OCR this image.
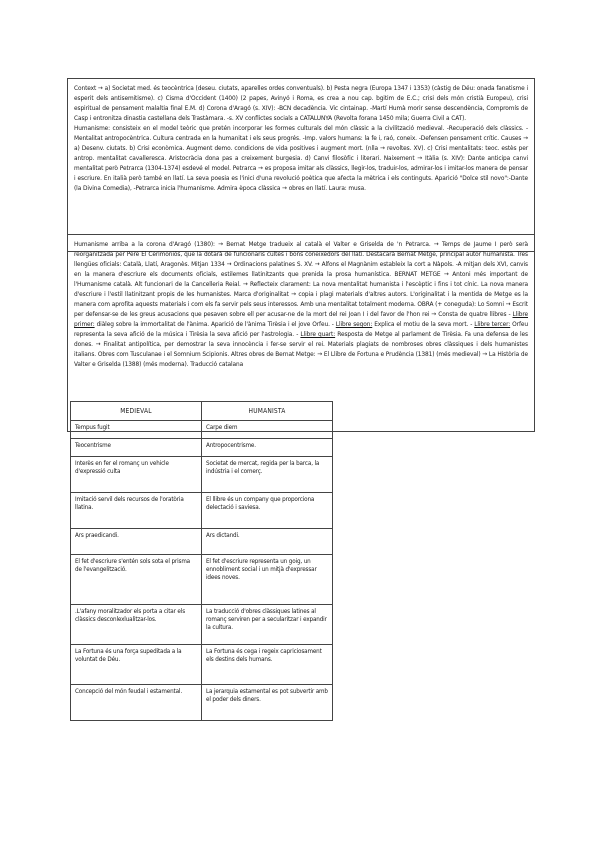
Context → a) Societat med. és teocèntrica (deseu. ciutats, aparelles ordes conventuals). b) Pesta negra (Europa 1347 i 1353) (càstig de Déu: onada fanatisme i esperit dels antisemitisme). c) Cisma d'Occident (1400) (2 papes, Avinyó i Roma, es crea a nou cap. bgitim de E.C.; crisi dels món cristià Europeu), crisi espiritual de pensament malaltia final E.M. d) Corona d'Aragó (s. XIV): -BCN decadència. Vic cintainap. -Martí Humà morir sense descendència, Compromís de Casp i entronitza dinastia castellana dels Trastàmara. -s. XV conflictes socials a CATALUNYA (Revolta forana 1450 mila; Guerra Civil a CAT).

Humanisme: consisteix en el model teòric que pretén incorporar les formes culturals del món clàssic a la civilització medieval. -Recuperació dels clàssics. -Mentalitat antropocèntrica. Cultura centrada en la humanitat i els seus progrés. -Imp. valors humans: la fe i, raó, coneix. -Defensen pensament crític. Causes → a) Desenv. ciutats. b) Crisi econòmica. Augment demo. condicions de vida positives i augment mort. (nlla → revoltes. XV). c) Crisi mentalitats: teoc. estès per antrop. mentalitat cavalleresca. Aristocràcia dona pas a creixement burgesia. d) Canvi filosòfic i literari. Naixement → Itàlia (s. XIV): Dante anticipa canvi mentalitat però Petrarca (1304-1374) esdevé el model. Petrarca → es proposa imitar als clàssics, llegir-los, traduir-los, admirar-los i imitar-los manera de pensar i escriure. En italià però també en llatí. La seva poesia es l'inici d'una revolució poètica que afecta la mètrica i els continguts. Aparició "Dolce stil novo":-Dante (la Divina Comedia), -Petrarca inicia l'humanisme. Admira època clàssica → obres en llatí. Laura: musa.

Humanisme arriba a la corona d'Aragó (1380): → Bernat Metge tradueix al català el Valter e Griselda de 'n Petrarca. → Temps de Jaume I però serà reorganitzada per Pere El Cerimoniós, que la dotarà de funcionaris cultes i bons coneixedors del llatí. Destacarà Bernat Metge, principal autor humanista. Tres llengües oficials: Català, Llatí, Aragonès. Mitjan 1334 → Ordinacions palatines S. XV. → Alfons el Magnànim estableix la cort a Nàpols. -A mitjan dels XVI, canvis en la manera d'escriure els documents oficials, estilemes llatinitzants que prenida la prosa humanística. BERNAT METGE → Antoni més important de l'Humanisme català. Alt funcionari de la Cancelleria Reial. → Reflecteix clarament: La nova mentalitat humanista i l'escèptic i fins i tot cínic. La nova manera d'escriure i l'estil llatinitzant propis de les humanistes. Marca d'originalitat → copia i plagi materials d'altres autors. L'originalitat i la mentida de Metge es la manera com aprofita aquests materials i com els fa servir pels seus interessos. Amb una mentalitat totalment moderna. OBRA (+ coneguda): Lo Somni → Escrit per defensar-se de les greus acusacions que pesaven sobre ell per acusar-ne de la mort del rei Joan I i del favor de l'hon rei → Consta de quatre llibres - Llibre primer: diàleg sobre la immortalitat de l'ànima. Aparició de l'ànima Tirèsia i el jove Orfeu. - Llibre segon: Explica el motiu de la seva mort. - Llibre tercer: Orfeu representa la seva afició de la música i Tirèsia la seva afició per l'astrologia. - Llibre quart: Resposta de Metge al parlament de Tirèsia. Fa una defensa de les dones. → Finalitat antipolítica, per demostrar la seva innocència i fer-se servir el rei. Materials plagiats de nombroses obres clàssiques i dels humanistes italians. Obres com Tusculanae i el Somnium Scipionis. Altres obres de Bernat Metge: → El Llibre de Fortuna e Prudència (1381) (més medieval) → La Història de Valter e Griselda (1388) (més moderna). Traducció catalana

MEDIEVAL	HUMANISTA
Tempus fugit	Carpe diem
Teocentrisme	Antropocentrisme.
Interès en fer el romanç un vehicle d'expressió culta	Societat de mercat, regida per la barca, la indústria i el comerç.
Imitació servil dels recursos de l'oratòria llatina.	El llibre és un company que proporciona delectació i saviesa.
Ars praedicandi.	Ars dictandi.
El fet d'escriure s'entén sols sota el prisma de l'evangelització.	El fet d'escriure representa un goig, un ennobliment social i un mitjà d'expressar idees noves.
.L'afany moralitzador els porta a citar els clàssics desconlexlualitzar-los.	La traducció d'obres clàssiques latines al romanç serviren per a secularitzar i expandir la cultura.
La Fortuna és una força supeditada a la voluntat de Déu.	La Fortuna és cega i regeix capriciosament els destins dels humans.
Concepció del món feudal i estamental.	La jerarquia estamental es pot subvertir amb el poder dels diners.
